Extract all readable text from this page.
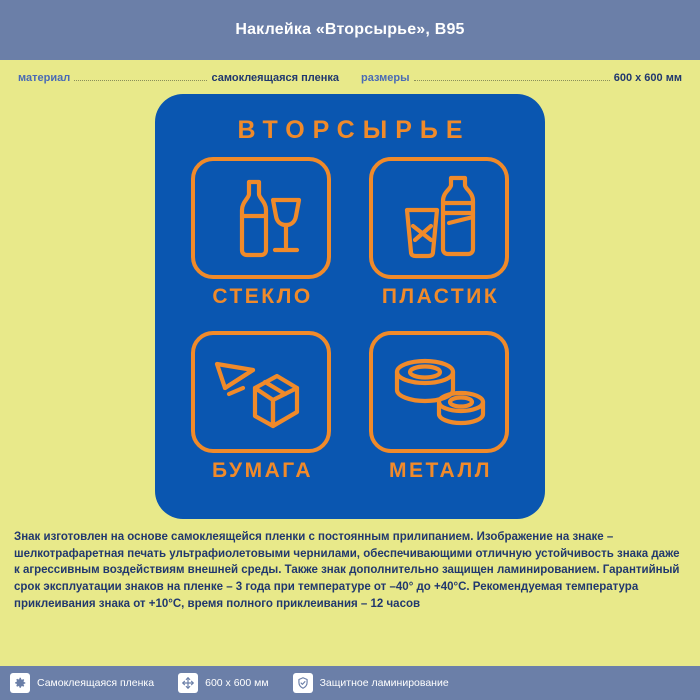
Наклейка «Вторсырье», В95
материал	самоклеящаяся пленка размеры	600 x 600 мм
ВТОРСЫРЬЕ
СТЕКЛО	ПЛАСТИК
БУМАГА	МЕТАЛЛ
Знак изготовлен на основе самоклеящейся пленки с постоянным прилипанием. Изображение на знаке – шелкотрафаретная печать ультрафиолетовыми чернилами, обеспечивающими отличную устойчивость знака даже к агрессивным воздействиям внешней среды. Также знак дополнительно защищен ламинированием. Гарантийный срок эксплуатации знаков на пленке – 3 года при температуре от –40° до +40°С. Рекомендуемая температура приклеивания знака от +10°С, время полного приклеивания – 12 часов
Самоклеящаяся пленка	600 x 600 мм	Защитное ламинирование
